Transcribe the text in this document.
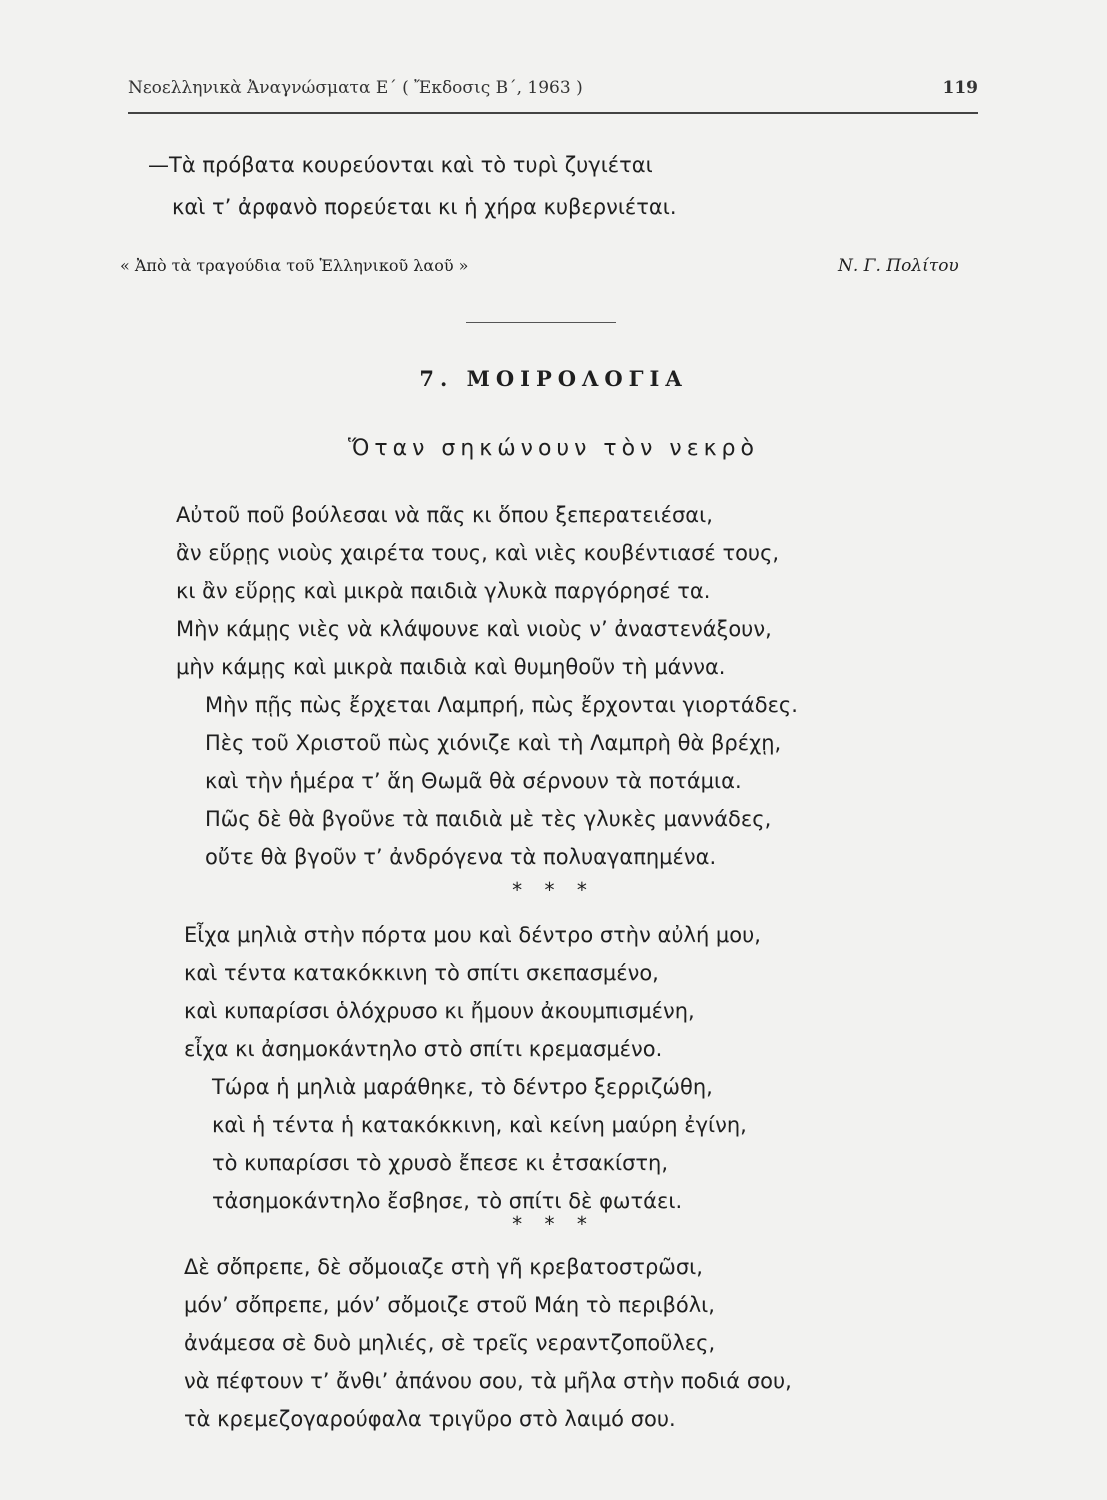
Νεοελληνικὰ Ἀναγνώσματα Ε΄ ( Ἔκδοσις Β΄, 1963 )	119
—Τὰ πρόβατα κουρεύονται καὶ τὸ τυρὶ ζυγιέται
καὶ τ’ ἀρφανὸ πορεύεται κι ἡ χήρα κυβερνιέται.
« Ἀπὸ τὰ τραγούδια τοῦ Ἑλληνικοῦ λαοῦ »	Ν. Γ. Πολίτου
7. ΜΟΙΡΟΛΟΓΙΑ
Ὅταν σηκώνουν τὸν νεκρὸ
Αὐτοῦ ποῦ βούλεσαι νὰ πᾶς κι ὅπου ξεπερατειέσαι,
ἂν εὕρῃς νιοὺς χαιρέτα τους, καὶ νιὲς κουβέντιασέ τους,
κι ἂν εὕρῃς καὶ μικρὰ παιδιὰ γλυκὰ παργόρησέ τα.
Μὴν κάμῃς νιὲς νὰ κλάψουνε καὶ νιοὺς ν’ ἀναστενάξουν,
μὴν κάμῃς καὶ μικρὰ παιδιὰ καὶ θυμηθοῦν τὴ μάννα.
Μὴν πῇς πὼς ἔρχεται Λαμπρή, πὼς ἔρχονται γιορτάδες.
Πὲς τοῦ Χριστοῦ πὼς χιόνιζε καὶ τὴ Λαμπρὴ θὰ βρέχῃ,
καὶ τὴν ἡμέρα τ’ ἅη Θωμᾶ θὰ σέρνουν τὰ ποτάμια.
Πῶς δὲ θὰ βγοῦνε τὰ παιδιὰ μὲ τὲς γλυκὲς μαννάδες,
οὔτε θὰ βγοῦν τ’ ἀνδρόγενα τὰ πολυαγαπημένα.
* * *
Εἶχα μηλιὰ στὴν πόρτα μου καὶ δέντρο στὴν αὐλή μου,
καὶ τέντα κατακόκκινη τὸ σπίτι σκεπασμένο,
καὶ κυπαρίσσι ὁλόχρυσο κι ἤμουν ἀκουμπισμένη,
εἶχα κι ἀσημοκάντηλο στὸ σπίτι κρεμασμένο.
Τώρα ἡ μηλιὰ μαράθηκε, τὸ δέντρο ξερριζώθη,
καὶ ἡ τέντα ἡ κατακόκκινη, καὶ κείνη μαύρη ἐγίνη,
τὸ κυπαρίσσι τὸ χρυσὸ ἔπεσε κι ἐτσακίστη,
τἀσημοκάντηλο ἔσβησε, τὸ σπίτι δὲ φωτάει.
* * *
Δὲ σὄπρεπε, δὲ σὄμοιαζε στὴ γῆ κρεβατοστρῶσι,
μόν’ σὄπρεπε, μόν’ σὄμοιζε στοῦ Μάη τὸ περιβόλι,
ἀνάμεσα σὲ δυὸ μηλιές, σὲ τρεῖς νεραντζοποῦλες,
νὰ πέφτουν τ’ ἄνθι’ ἀπάνου σου, τὰ μῆλα στὴν ποδιά σου,
τὰ κρεμεζογαρούφαλα τριγῦρο στὸ λαιμό σου.
